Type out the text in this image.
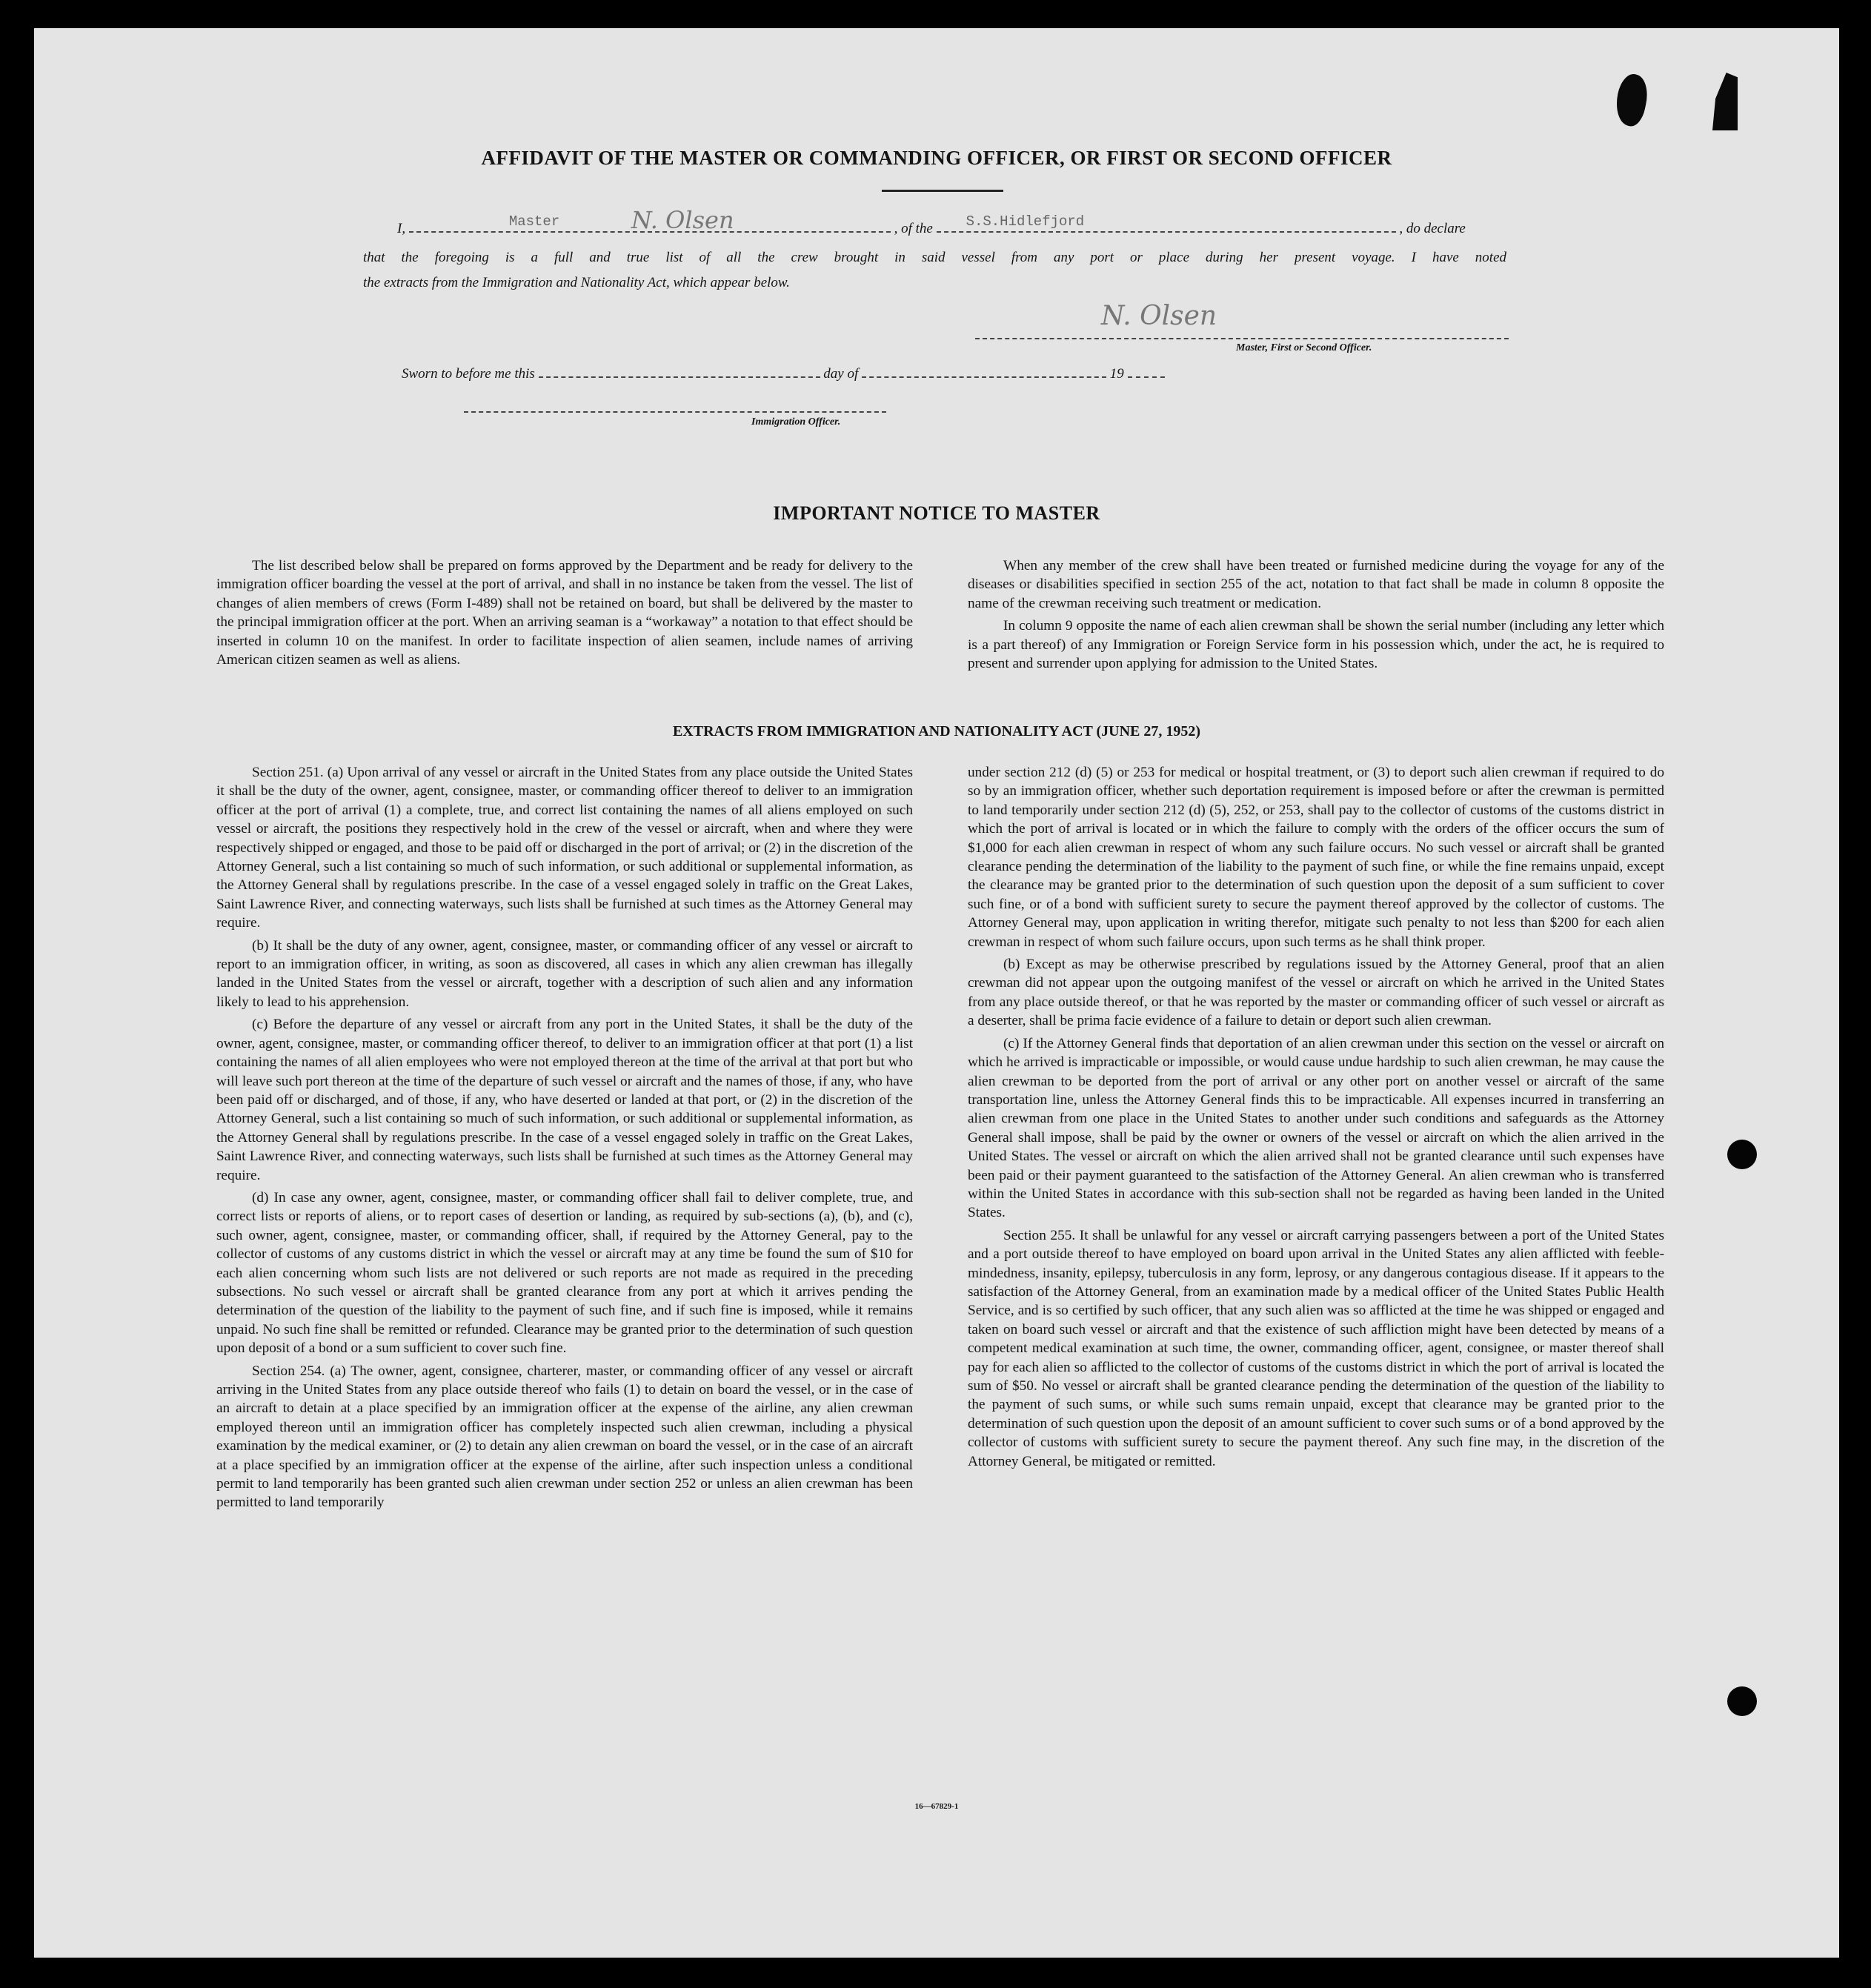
AFFIDAVIT OF THE MASTER OR COMMANDING OFFICER, OR FIRST OR SECOND OFFICER
I,	Master	N. Olsen	, of the S.S.Hidlefjord	, do declare
that the foregoing is a full and true list of all the crew brought in said vessel from any port or place during her present voyage. I have noted
the extracts from the Immigration and Nationality Act, which appear below.
N. Olsen
Master, First or Second Officer.
Sworn to before me this	day of	19
Immigration Officer.
IMPORTANT NOTICE TO MASTER

The list described below shall be prepared on forms approved by the Department and be ready for delivery to the immigration officer boarding the vessel at the port of arrival, and shall in no instance be taken from the vessel. The list of changes of alien members of crews (Form I-489) shall not be retained on board, but shall be delivered by the master to the principal immigration officer at the port. When an arriving seaman is a “workaway” a notation to that effect should be inserted in column 10 on the manifest. In order to facilitate inspection of alien seamen, include names of arriving American citizen seamen as well as aliens.

When any member of the crew shall have been treated or furnished medicine during the voyage for any of the diseases or disabilities specified in section 255 of the act, notation to that fact shall be made in column 8 opposite the name of the crewman receiving such treatment or medication.

In column 9 opposite the name of each alien crewman shall be shown the serial number (including any letter which is a part thereof) of any Immigration or Foreign Service form in his possession which, under the act, he is required to present and surrender upon applying for admission to the United States.

EXTRACTS FROM IMMIGRATION AND NATIONALITY ACT (JUNE 27, 1952)

Section 251. (a) Upon arrival of any vessel or aircraft in the United States from any place outside the United States it shall be the duty of the owner, agent, consignee, master, or commanding officer thereof to deliver to an immigration officer at the port of arrival (1) a complete, true, and correct list containing the names of all aliens employed on such vessel or aircraft, the positions they respectively hold in the crew of the vessel or aircraft, when and where they were respectively shipped or engaged, and those to be paid off or discharged in the port of arrival; or (2) in the discretion of the Attorney General, such a list containing so much of such information, or such additional or supplemental information, as the Attorney General shall by regulations prescribe. In the case of a vessel engaged solely in traffic on the Great Lakes, Saint Lawrence River, and connecting waterways, such lists shall be furnished at such times as the Attorney General may require.

(b) It shall be the duty of any owner, agent, consignee, master, or commanding officer of any vessel or aircraft to report to an immigration officer, in writing, as soon as discovered, all cases in which any alien crewman has illegally landed in the United States from the vessel or aircraft, together with a description of such alien and any information likely to lead to his apprehension.

(c) Before the departure of any vessel or aircraft from any port in the United States, it shall be the duty of the owner, agent, consignee, master, or commanding officer thereof, to deliver to an immigration officer at that port (1) a list containing the names of all alien employees who were not employed thereon at the time of the arrival at that port but who will leave such port thereon at the time of the departure of such vessel or aircraft and the names of those, if any, who have been paid off or discharged, and of those, if any, who have deserted or landed at that port, or (2) in the discretion of the Attorney General, such a list containing so much of such information, or such additional or supplemental information, as the Attorney General shall by regulations prescribe. In the case of a vessel engaged solely in traffic on the Great Lakes, Saint Lawrence River, and connecting waterways, such lists shall be furnished at such times as the Attorney General may require.

(d) In case any owner, agent, consignee, master, or commanding officer shall fail to deliver complete, true, and correct lists or reports of aliens, or to report cases of desertion or landing, as required by sub-sections (a), (b), and (c), such owner, agent, consignee, master, or commanding officer, shall, if required by the Attorney General, pay to the collector of customs of any customs district in which the vessel or aircraft may at any time be found the sum of $10 for each alien concerning whom such lists are not delivered or such reports are not made as required in the preceding subsections. No such vessel or aircraft shall be granted clearance from any port at which it arrives pending the determination of the question of the liability to the payment of such fine, and if such fine is imposed, while it remains unpaid. No such fine shall be remitted or refunded. Clearance may be granted prior to the determination of such question upon deposit of a bond or a sum sufficient to cover such fine.

Section 254. (a) The owner, agent, consignee, charterer, master, or commanding officer of any vessel or aircraft arriving in the United States from any place outside thereof who fails (1) to detain on board the vessel, or in the case of an aircraft to detain at a place specified by an immigration officer at the expense of the airline, any alien crewman employed thereon until an immigration officer has completely inspected such alien crewman, including a physical examination by the medical examiner, or (2) to detain any alien crewman on board the vessel, or in the case of an aircraft at a place specified by an immigration officer at the expense of the airline, after such inspection unless a conditional permit to land temporarily has been granted such alien crewman under section 252 or unless an alien crewman has been permitted to land temporarily

under section 212 (d) (5) or 253 for medical or hospital treatment, or (3) to deport such alien crewman if required to do so by an immigration officer, whether such deportation requirement is imposed before or after the crewman is permitted to land temporarily under section 212 (d) (5), 252, or 253, shall pay to the collector of customs of the customs district in which the port of arrival is located or in which the failure to comply with the orders of the officer occurs the sum of $1,000 for each alien crewman in respect of whom any such failure occurs. No such vessel or aircraft shall be granted clearance pending the determination of the liability to the payment of such fine, or while the fine remains unpaid, except the clearance may be granted prior to the determination of such question upon the deposit of a sum sufficient to cover such fine, or of a bond with sufficient surety to secure the payment thereof approved by the collector of customs. The Attorney General may, upon application in writing therefor, mitigate such penalty to not less than $200 for each alien crewman in respect of whom such failure occurs, upon such terms as he shall think proper.

(b) Except as may be otherwise prescribed by regulations issued by the Attorney General, proof that an alien crewman did not appear upon the outgoing manifest of the vessel or aircraft on which he arrived in the United States from any place outside thereof, or that he was reported by the master or commanding officer of such vessel or aircraft as a deserter, shall be prima facie evidence of a failure to detain or deport such alien crewman.

(c) If the Attorney General finds that deportation of an alien crewman under this section on the vessel or aircraft on which he arrived is impracticable or impossible, or would cause undue hardship to such alien crewman, he may cause the alien crewman to be deported from the port of arrival or any other port on another vessel or aircraft of the same transportation line, unless the Attorney General finds this to be impracticable. All expenses incurred in transferring an alien crewman from one place in the United States to another under such conditions and safeguards as the Attorney General shall impose, shall be paid by the owner or owners of the vessel or aircraft on which the alien arrived in the United States. The vessel or aircraft on which the alien arrived shall not be granted clearance until such expenses have been paid or their payment guaranteed to the satisfaction of the Attorney General. An alien crewman who is transferred within the United States in accordance with this sub-section shall not be regarded as having been landed in the United States.

Section 255. It shall be unlawful for any vessel or aircraft carrying passengers between a port of the United States and a port outside thereof to have employed on board upon arrival in the United States any alien afflicted with feeble-mindedness, insanity, epilepsy, tuberculosis in any form, leprosy, or any dangerous contagious disease. If it appears to the satisfaction of the Attorney General, from an examination made by a medical officer of the United States Public Health Service, and is so certified by such officer, that any such alien was so afflicted at the time he was shipped or engaged and taken on board such vessel or aircraft and that the existence of such affliction might have been detected by means of a competent medical examination at such time, the owner, commanding officer, agent, consignee, or master thereof shall pay for each alien so afflicted to the collector of customs of the customs district in which the port of arrival is located the sum of $50. No vessel or aircraft shall be granted clearance pending the determination of the question of the liability to the payment of such sums, or while such sums remain unpaid, except that clearance may be granted prior to the determination of such question upon the deposit of an amount sufficient to cover such sums or of a bond approved by the collector of customs with sufficient surety to secure the payment thereof. Any such fine may, in the discretion of the Attorney General, be mitigated or remitted.

16—67829-1
